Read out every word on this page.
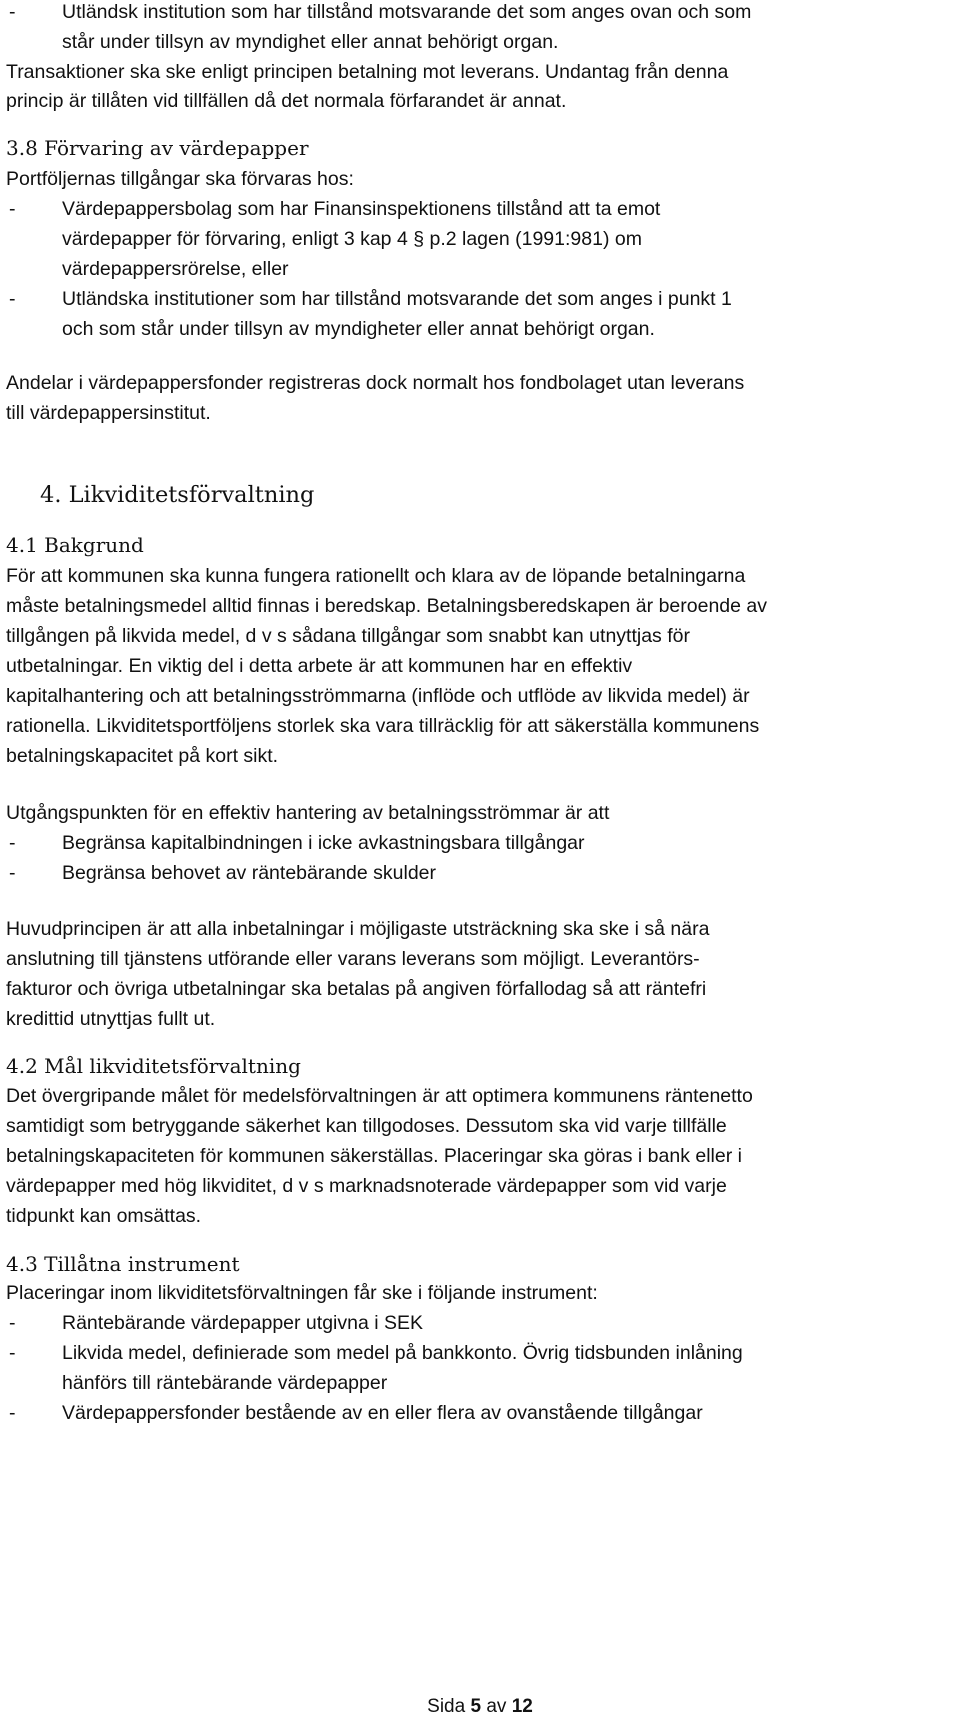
-	Utländsk institution som har tillstånd motsvarande det som anges ovan och som
står under tillsyn av myndighet eller annat behörigt organ.
Transaktioner ska ske enligt principen betalning mot leverans. Undantag från denna
princip är tillåten vid tillfällen då det normala förfarandet är annat.
3.8 Förvaring av värdepapper
Portföljernas tillgångar ska förvaras hos:
-	Värdepappersbolag som har Finansinspektionens tillstånd att ta emot
värdepapper för förvaring, enligt 3 kap 4 § p.2 lagen (1991:981) om
värdepappersrörelse, eller
-	Utländska institutioner som har tillstånd motsvarande det som anges i punkt 1
och som står under tillsyn av myndigheter eller annat behörigt organ.
Andelar i värdepappersfonder registreras dock normalt hos fondbolaget utan leverans
till värdepappersinstitut.
4. Likviditetsförvaltning
4.1 Bakgrund
För att kommunen ska kunna fungera rationellt och klara av de löpande betalningarna
måste betalningsmedel alltid finnas i beredskap. Betalningsberedskapen är beroende av
tillgången på likvida medel, d v s sådana tillgångar som snabbt kan utnyttjas för
utbetalningar. En viktig del i detta arbete är att kommunen har en effektiv
kapitalhantering och att betalningsströmmarna (inflöde och utflöde av likvida medel) är
rationella. Likviditetsportföljens storlek ska vara tillräcklig för att säkerställa kommunens
betalningskapacitet på kort sikt.
Utgångspunkten för en effektiv hantering av betalningsströmmar är att
-	Begränsa kapitalbindningen i icke avkastningsbara tillgångar
-	Begränsa behovet av räntebärande skulder
Huvudprincipen är att alla inbetalningar i möjligaste utsträckning ska ske i så nära
anslutning till tjänstens utförande eller varans leverans som möjligt. Leverantörs-
fakturor och övriga utbetalningar ska betalas på angiven förfallodag så att räntefri
kredittid utnyttjas fullt ut.
4.2 Mål likviditetsförvaltning
Det övergripande målet för medelsförvaltningen är att optimera kommunens räntenetto
samtidigt som betryggande säkerhet kan tillgodoses. Dessutom ska vid varje tillfälle
betalningskapaciteten för kommunen säkerställas. Placeringar ska göras i bank eller i
värdepapper med hög likviditet, d v s marknadsnoterade värdepapper som vid varje
tidpunkt kan omsättas.
4.3 Tillåtna instrument
Placeringar inom likviditetsförvaltningen får ske i följande instrument:
-	Räntebärande värdepapper utgivna i SEK
-	Likvida medel, definierade som medel på bankkonto. Övrig tidsbunden inlåning
hänförs till räntebärande värdepapper
-	Värdepappersfonder bestående av en eller flera av ovanstående tillgångar
Sida 5 av 12
